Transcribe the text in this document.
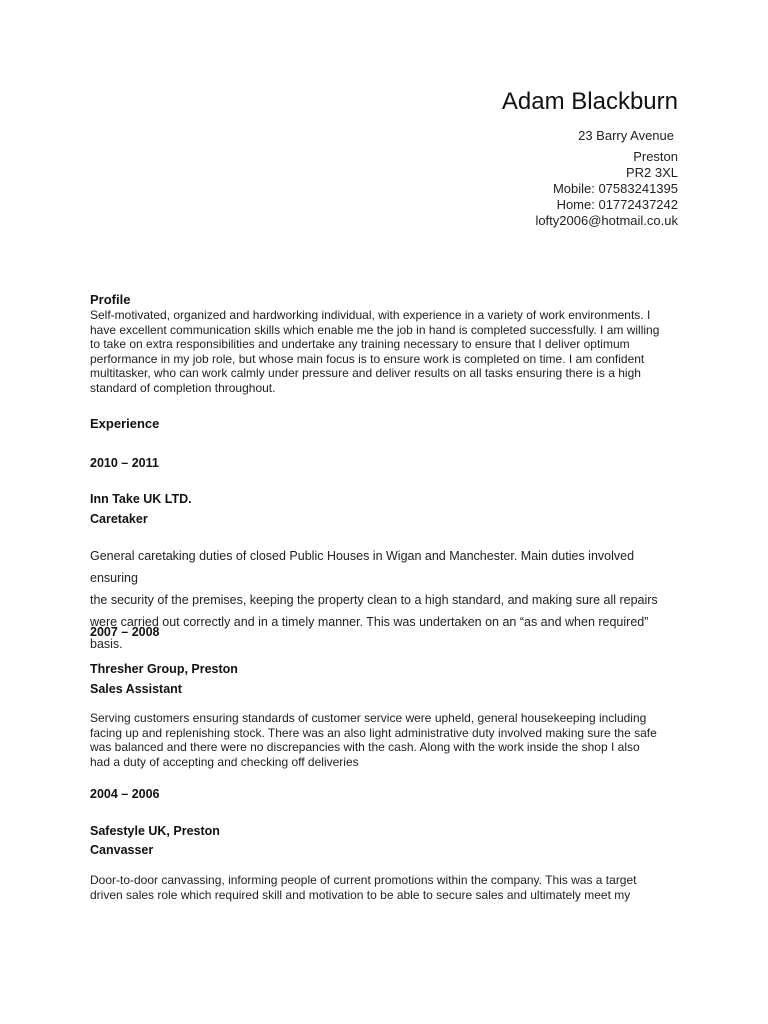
Adam Blackburn
23 Barry Avenue
Preston
PR2 3XL
Mobile: 07583241395
Home: 01772437242
lofty2006@hotmail.co.uk
Profile
Self-motivated, organized and hardworking individual, with experience in a variety of work environments. I
have excellent communication skills which enable me the job in hand is completed successfully. I am willing
to take on extra responsibilities and undertake any training necessary to ensure that I deliver optimum
performance in my job role, but whose main focus is to ensure work is completed on time. I am confident
multitasker, who can work calmly under pressure and deliver results on all tasks ensuring there is a high
standard of completion throughout.
Experience
2010 – 2011
Inn Take UK LTD.
Caretaker
General caretaking duties of closed Public Houses in Wigan and Manchester. Main duties involved ensuring
the security of the premises, keeping the property clean to a high standard, and making sure all repairs
were carried out correctly and in a timely manner. This was undertaken on an “as and when required” basis.
2007 – 2008
Thresher Group, Preston
Sales Assistant
Serving customers ensuring standards of customer service were upheld, general housekeeping including
facing up and replenishing stock. There was an also light administrative duty involved making sure the safe
was balanced and there were no discrepancies with the cash. Along with the work inside the shop I also
had a duty of accepting and checking off deliveries
2004 – 2006
Safestyle UK, Preston
Canvasser
Door-to-door canvassing, informing people of current promotions within the company. This was a target
driven sales role which required skill and motivation to be able to secure sales and ultimately meet my
